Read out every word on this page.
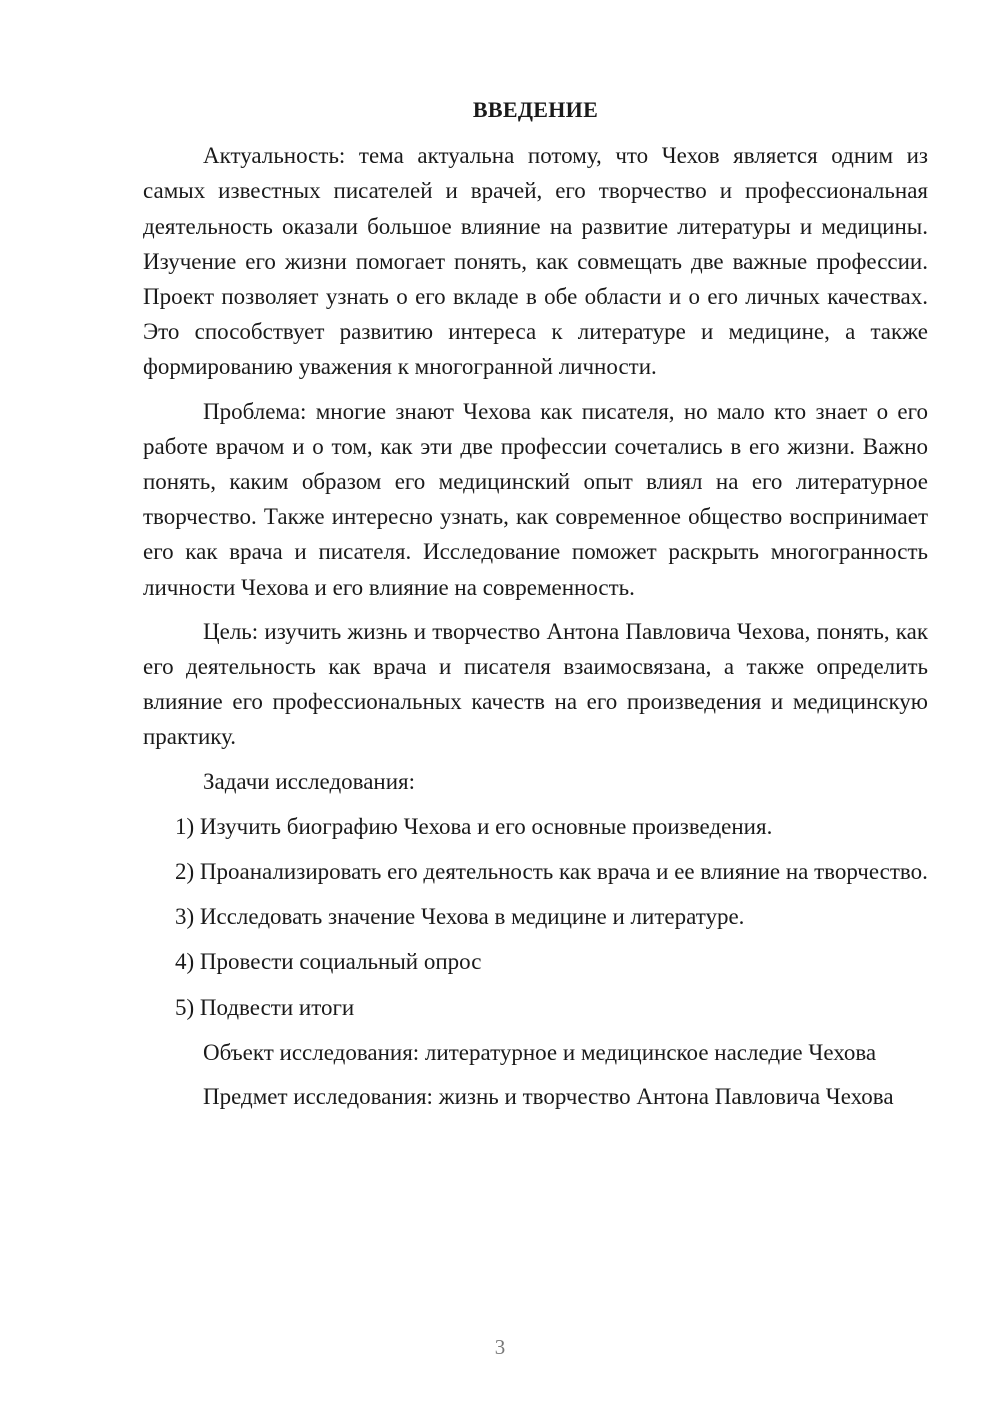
ВВЕДЕНИЕ

Актуальность: тема актуальна потому, что Чехов является одним из самых известных писателей и врачей, его творчество и профессиональная деятельность оказали большое влияние на развитие литературы и медицины. Изучение его жизни помогает понять, как совмещать две важные профессии. Проект позволяет узнать о его вкладе в обе области и о его личных качествах. Это способствует развитию интереса к литературе и медицине, а также формированию уважения к многогранной личности.

Проблема: многие знают Чехова как писателя, но мало кто знает о его работе врачом и о том, как эти две профессии сочетались в его жизни. Важно понять, каким образом его медицинский опыт влиял на его литературное творчество. Также интересно узнать, как современное общество воспринимает его как врача и писателя. Исследование поможет раскрыть многогранность личности Чехова и его влияние на современность.

Цель: изучить жизнь и творчество Антона Павловича Чехова, понять, как его деятельность как врача и писателя взаимосвязана, а также определить влияние его профессиональных качеств на его произведения и медицинскую практику.

Задачи исследования:

1) Изучить биографию Чехова и его основные произведения.

2) Проанализировать его деятельность как врача и ее влияние на творчество.

3) Исследовать значение Чехова в медицине и литературе.

4) Провести социальный опрос

5) Подвести итоги

Объект исследования: литературное и медицинское наследие Чехова

Предмет исследования: жизнь и творчество Антона Павловича Чехова

3
